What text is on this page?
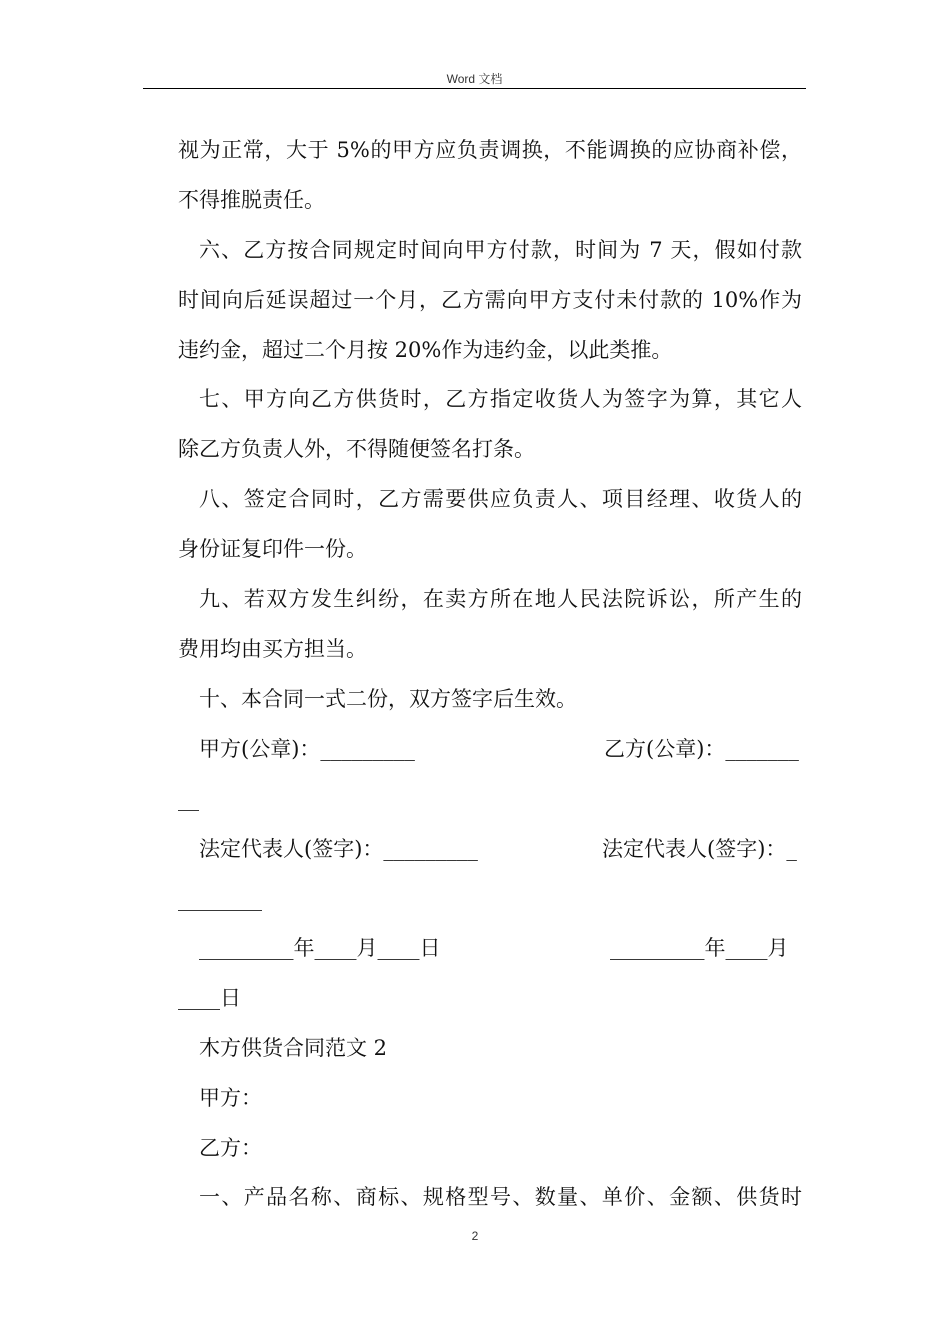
Word 文档

视为正常，大于 5%的甲方应负责调换，不能调换的应协商补偿，

不得推脱责任。

六、乙方按合同规定时间向甲方付款，时间为 7 天，假如付款

时间向后延误超过一个月，乙方需向甲方支付未付款的 10%作为

违约金，超过二个月按 20%作为违约金，以此类推。

七、甲方向乙方供货时，乙方指定收货人为签字为算，其它人

除乙方负责人外，不得随便签名打条。

八、签定合同时，乙方需要供应负责人、项目经理、收货人的

身份证复印件一份。

九、若双方发生纠纷，在卖方所在地人民法院诉讼，所产生的

费用均由买方担当。

十、本合同一式二份，双方签字后生效。

甲方(公章)：_________	乙方(公章)：_______

__

法定代表人(签字)：_________	法定代表人(签字)：_

________

_________年____月____日	_________年____月

____日

木方供货合同范文 2

甲方：

乙方：

一、产品名称、商标、规格型号、数量、单价、金额、供货时

2
